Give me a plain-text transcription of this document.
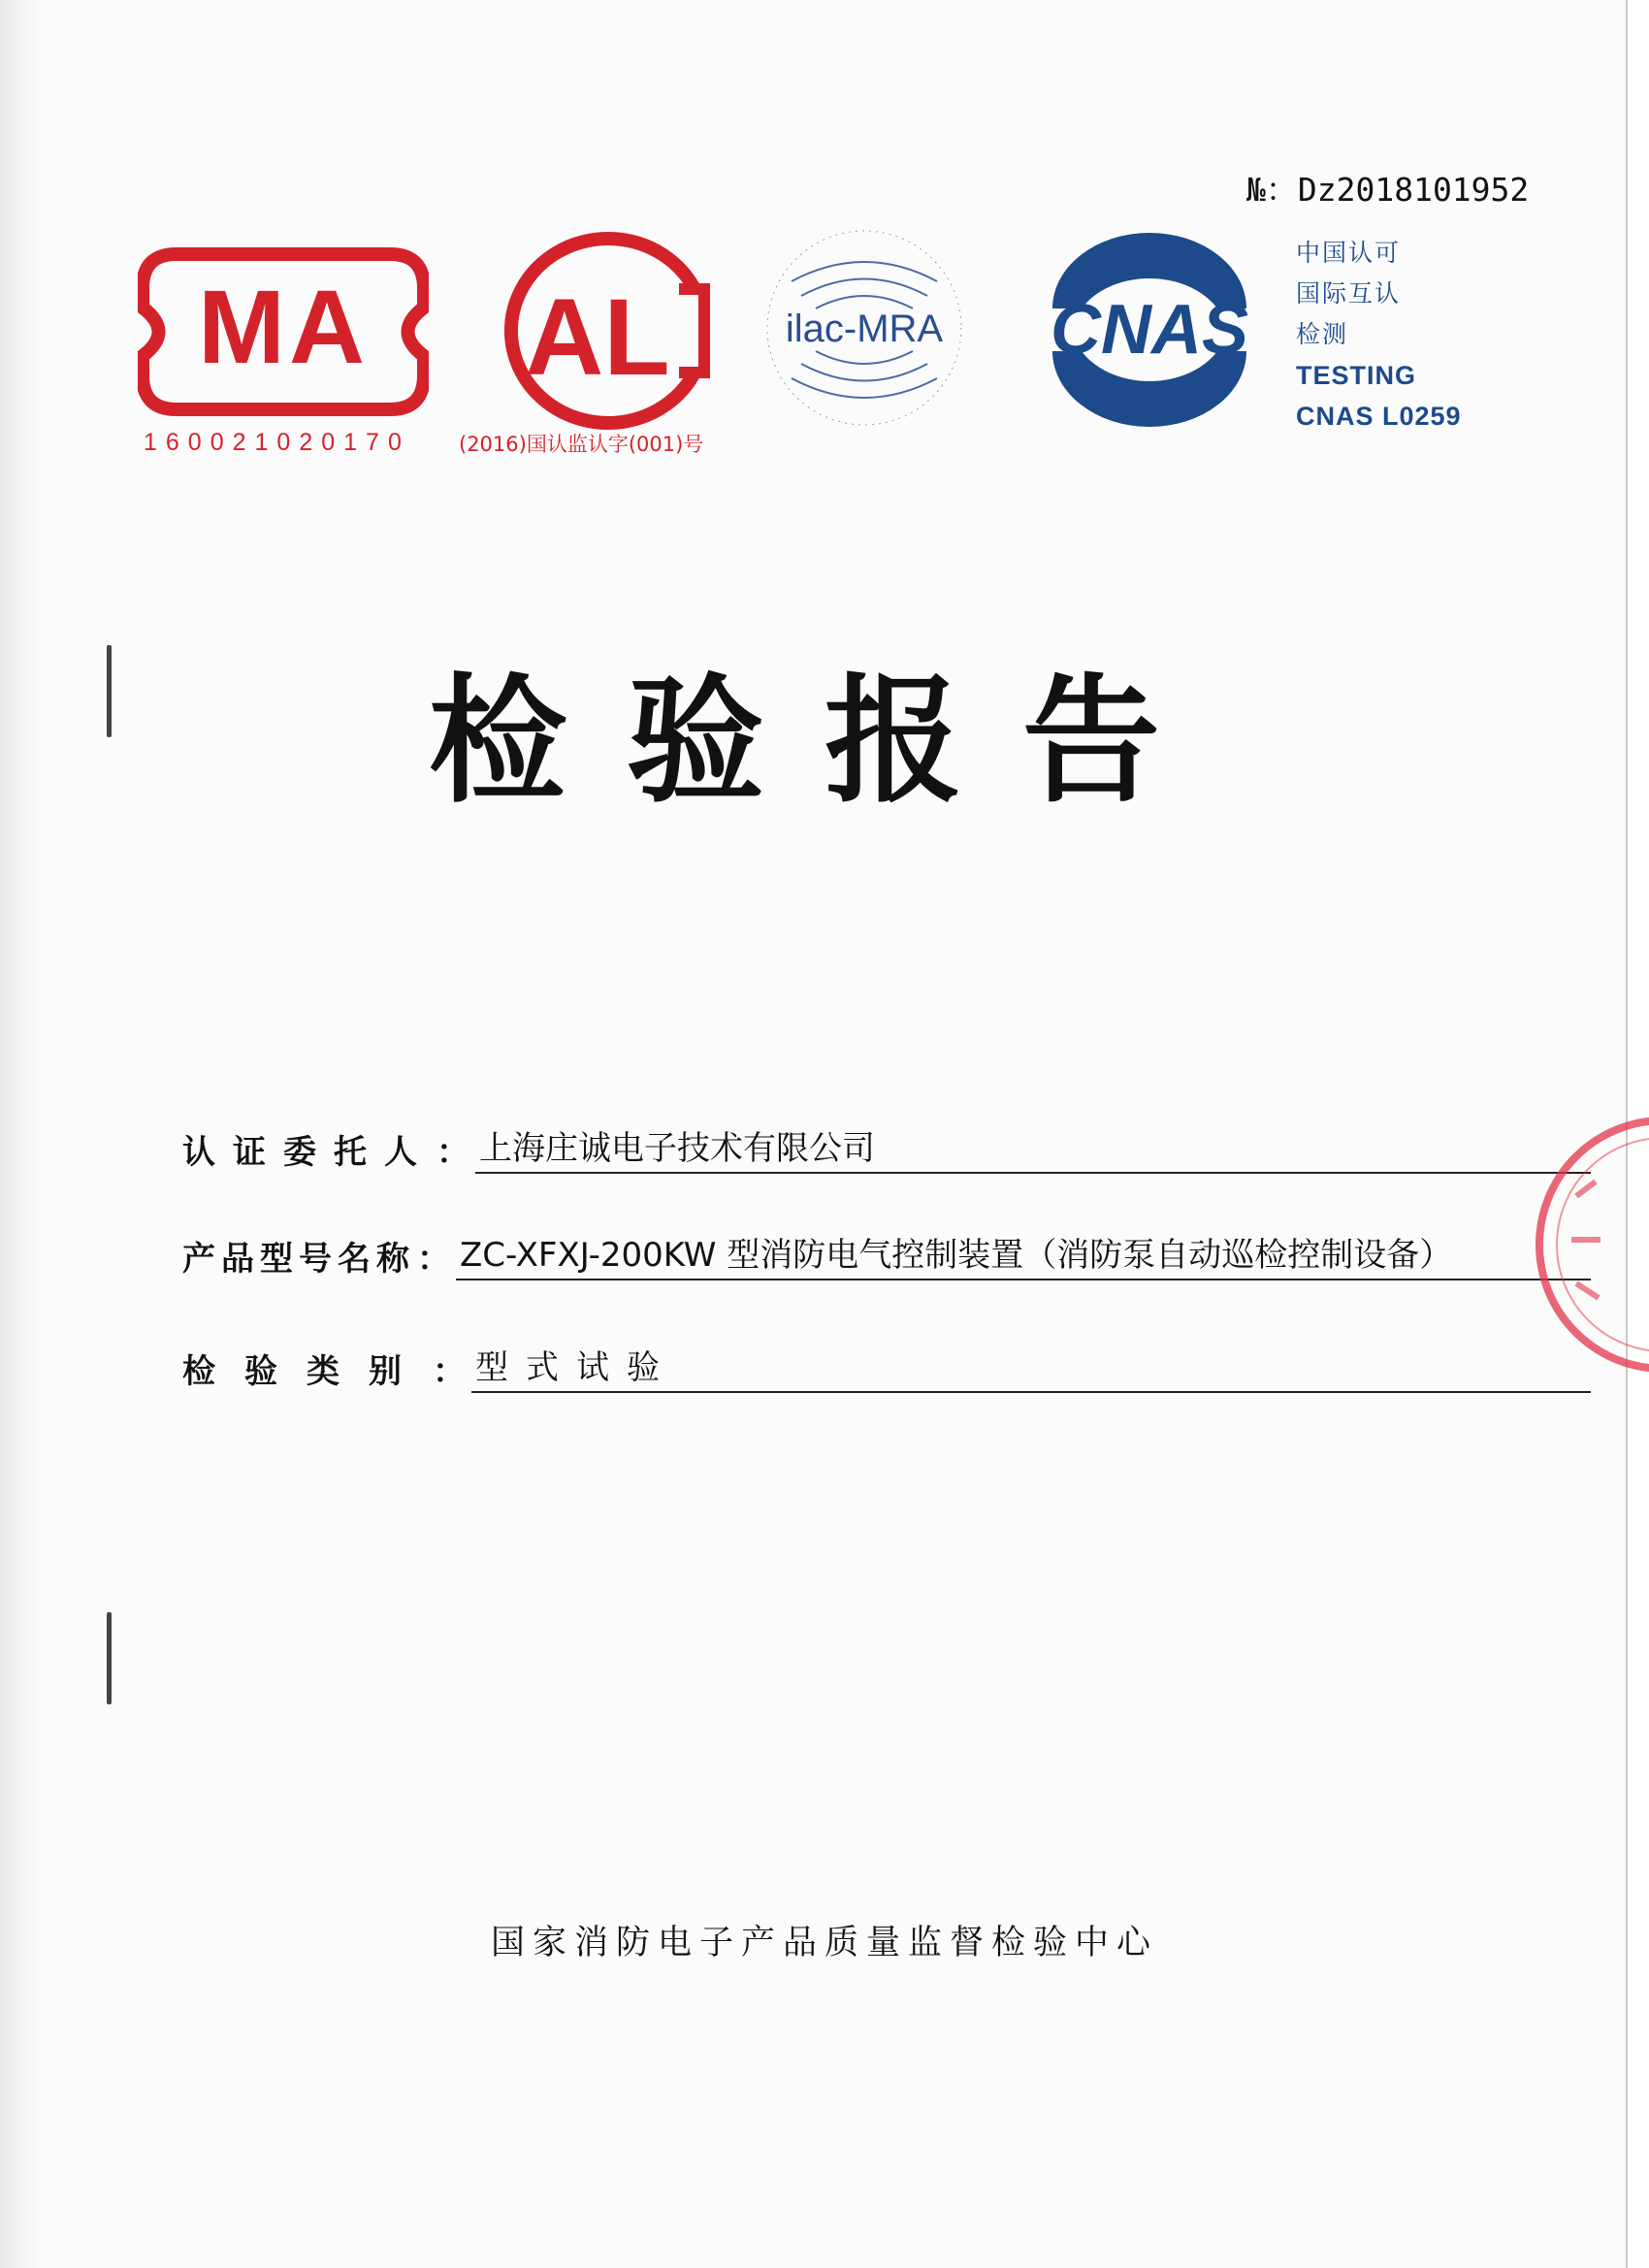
№：Dz2018101952
MA
160021020170
AL
(2016)国认监认字(001)号
ilac-MRA CNAS
中国认可
国际互认
检测
TESTING
CNAS L0259
检验报告
认证委托人 ： 上海庄诚电子技术有限公司
产品型号名称 ： ZC-XFXJ-200KW 型消防电气控制装置（消防泵自动巡检控制设备）
检验类别 ： 型式试验
国家消防电子产品质量监督检验中心
